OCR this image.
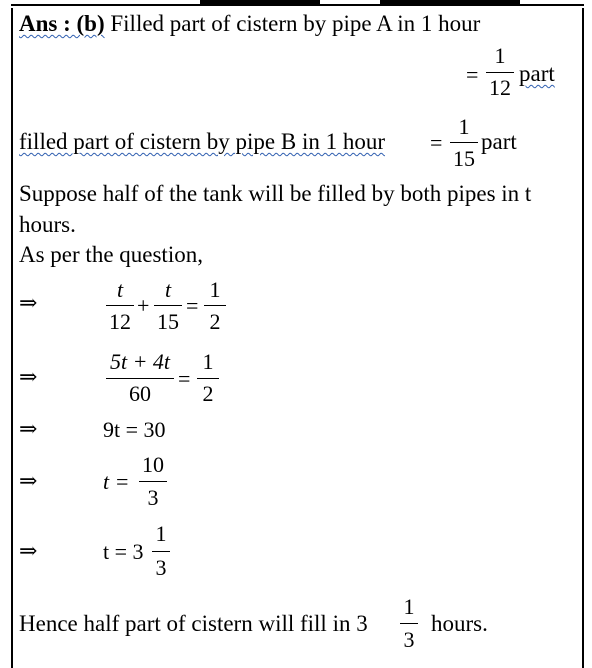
Ans : (b) Filled part of cistern by pipe A in 1 hour
=
1
12
part
filled part of cistern by pipe B in 1 hour =
1
15
part
Suppose half of the tank will be filled by both pipes in t
hours.
As per the question,
⇒
t
12
+
t
15
=
1
2
⇒
5t + 4t
60
=
1
2
⇒	9t = 30
⇒	t =
10
3
⇒	t = 3
1
3
Hence half part of cistern will fill in 3
1
3
hours.
